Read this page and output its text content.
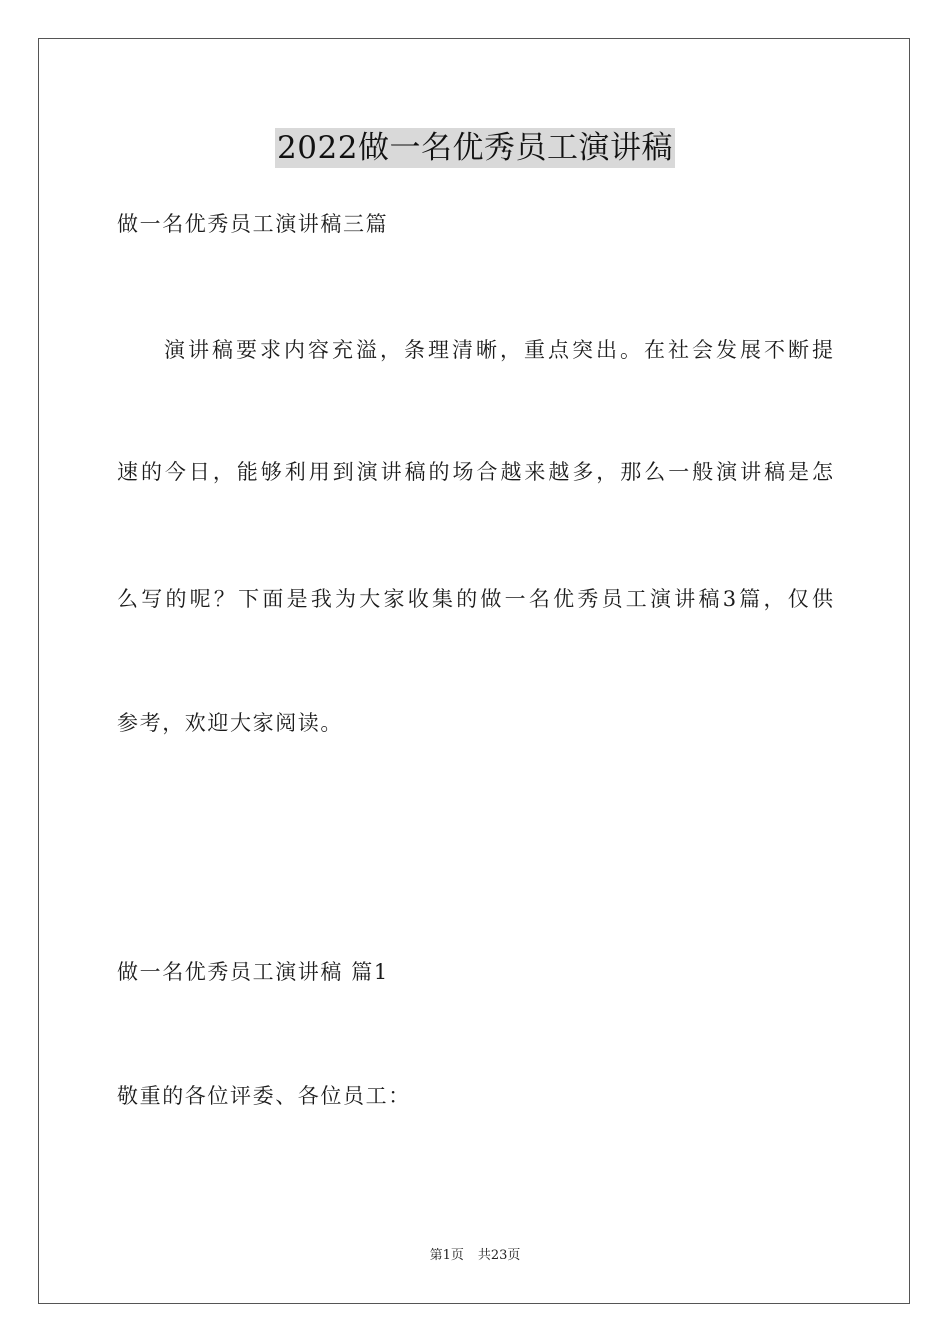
2022做一名优秀员工演讲稿
做一名优秀员工演讲稿三篇
演讲稿要求内容充溢，条理清晰，重点突出。在社会发展不断提
速的今日，能够利用到演讲稿的场合越来越多，那么一般演讲稿是怎
么写的呢？下面是我为大家收集的做一名优秀员工演讲稿3篇，仅供
参考，欢迎大家阅读。
做一名优秀员工演讲稿 篇1
敬重的各位评委、各位员工：
第1页 共23页
